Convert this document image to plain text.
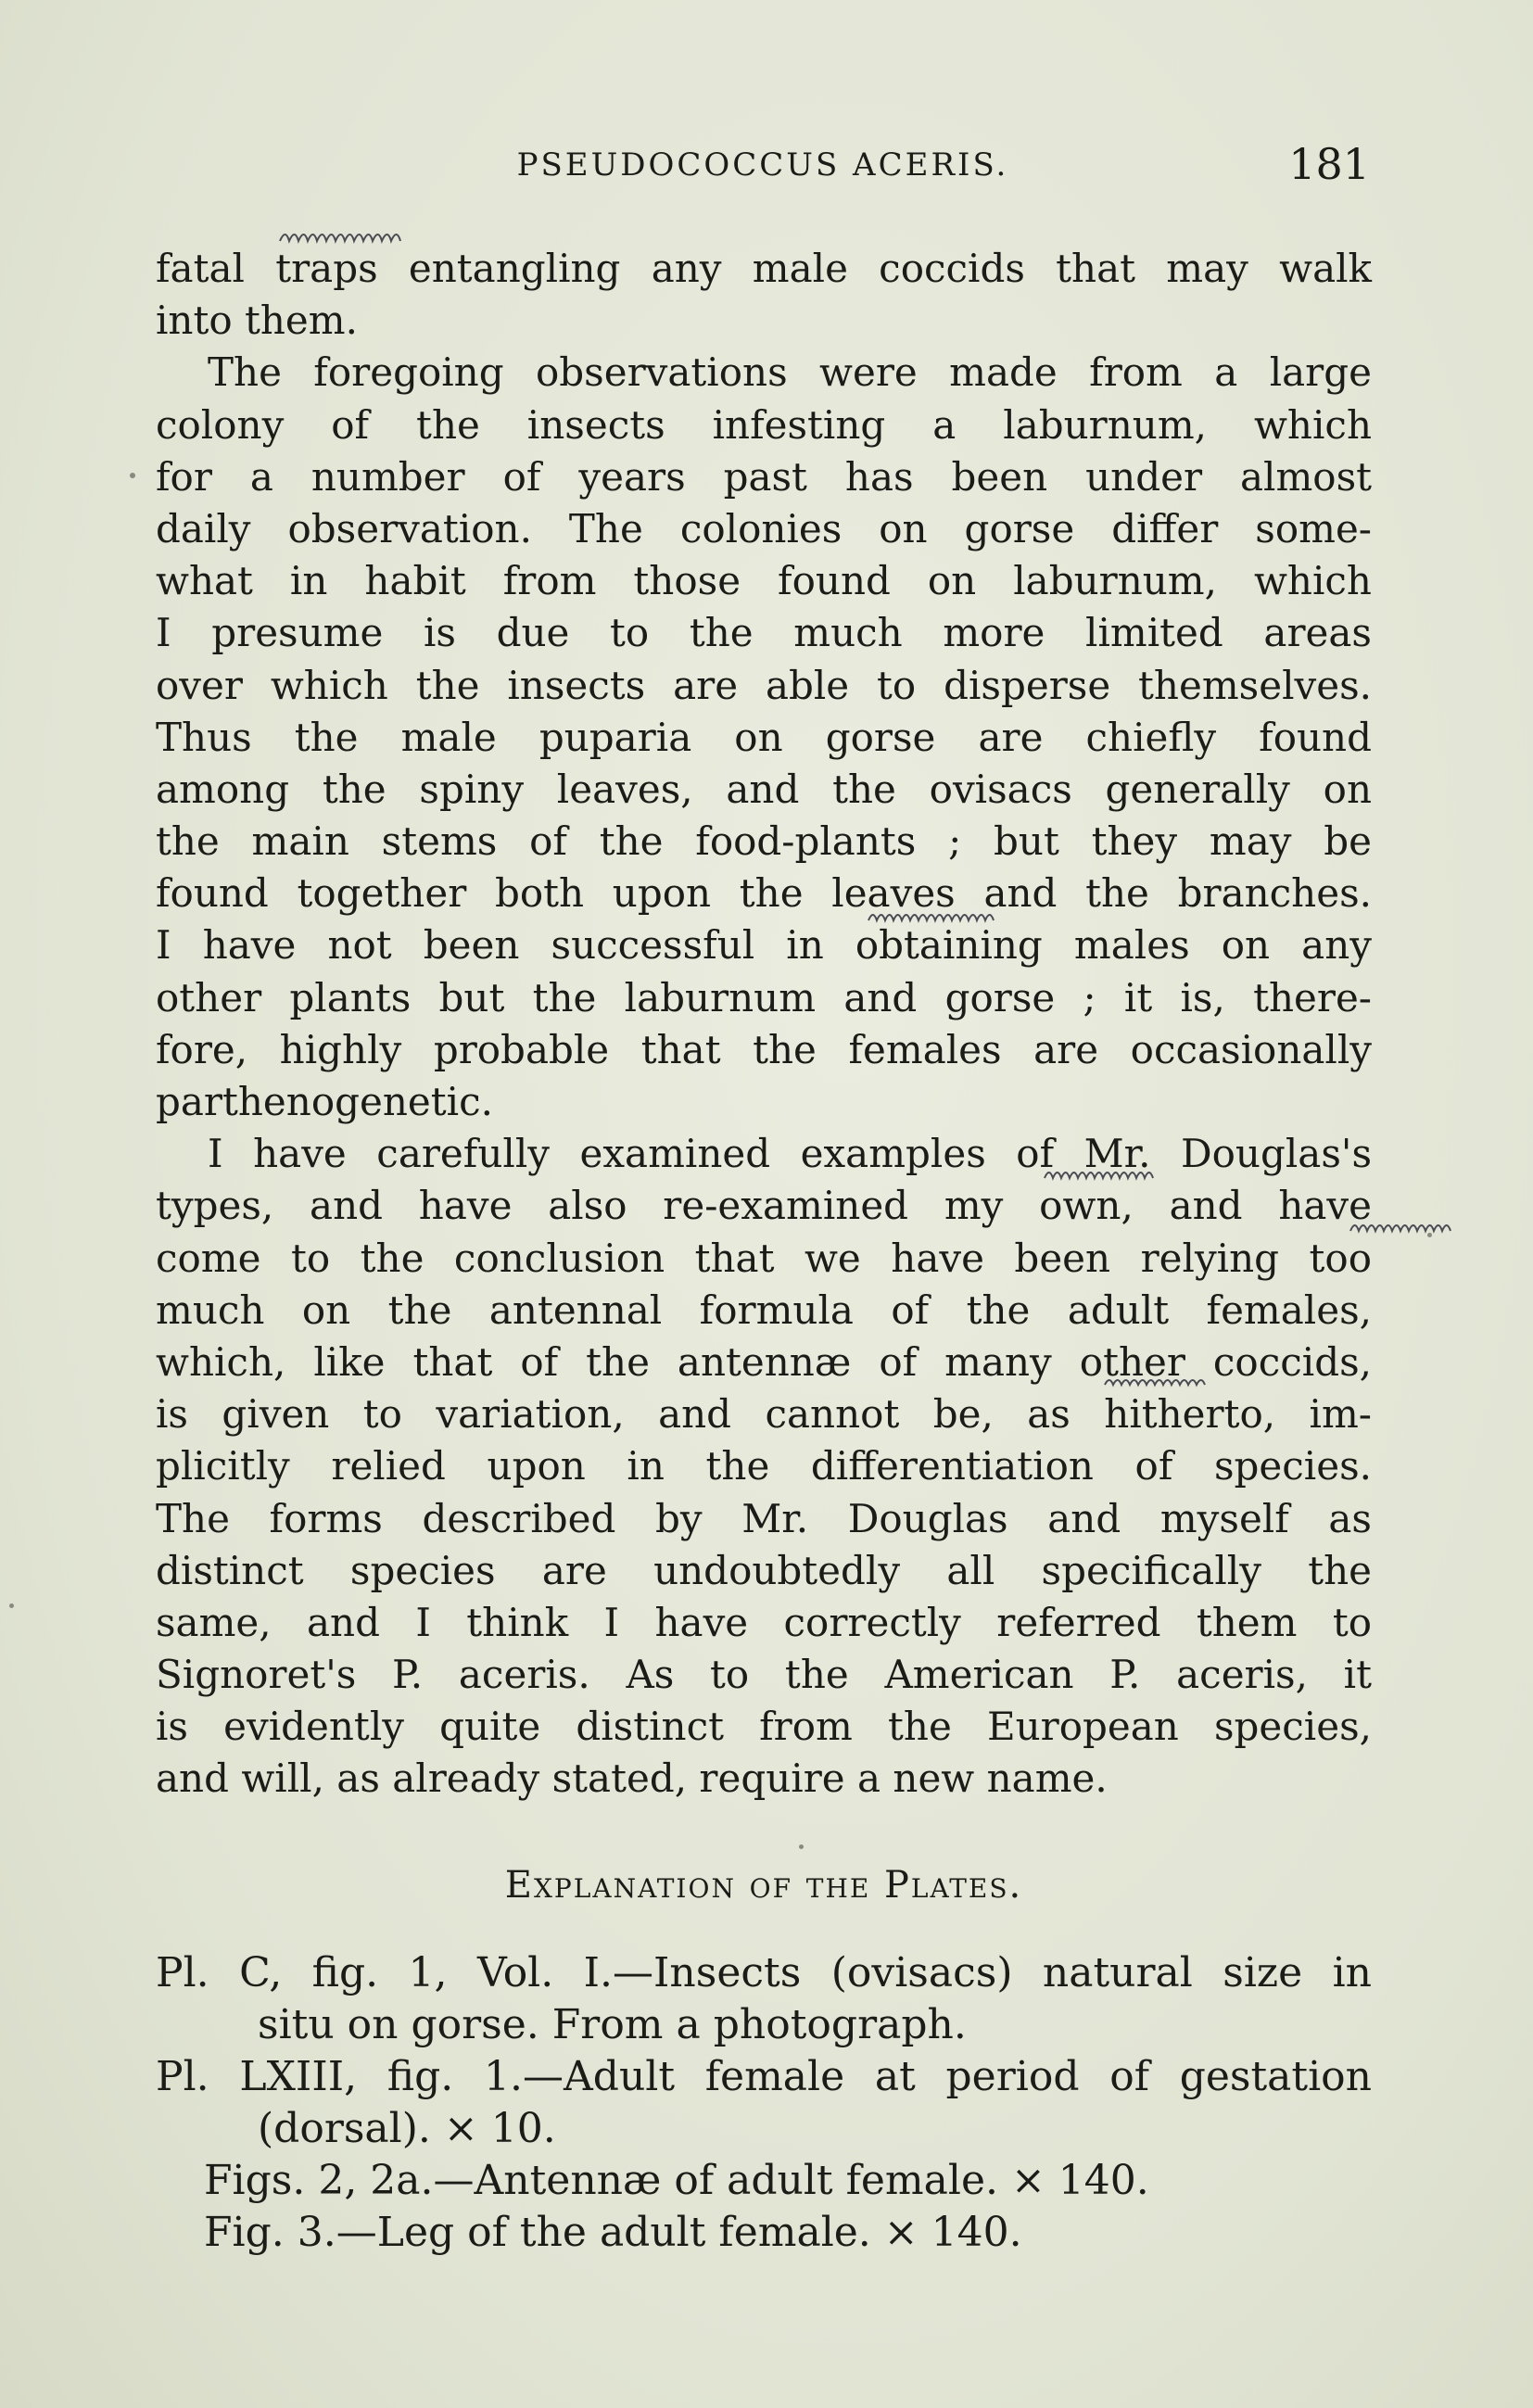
PSEUDOCOCCUS ACERIS.	181
fatal traps entangling any male coccids that may walk
into them.
The foregoing observations were made from a large
colony of the insects infesting a laburnum, which
for a number of years past has been under almost
daily observation. The colonies on gorse differ some-
what in habit from those found on laburnum, which
I presume is due to the much more limited areas
over which the insects are able to disperse themselves.
Thus the male puparia on gorse are chiefly found
among the spiny leaves, and the ovisacs generally on
the main stems of the food-plants ; but they may be
found together both upon the leaves and the branches.
I have not been successful in obtaining males on any
other plants but the laburnum and gorse ; it is, there-
fore, highly probable that the females are occasionally
parthenogenetic.
I have carefully examined examples of Mr. Douglas's
types, and have also re-examined my own, and have
come to the conclusion that we have been relying too
much on the antennal formula of the adult females,
which, like that of the antennæ of many other coccids,
is given to variation, and cannot be, as hitherto, im-
plicitly relied upon in the differentiation of species.
The forms described by Mr. Douglas and myself as
distinct species are undoubtedly all specifically the
same, and I think I have correctly referred them to
Signoret's P. aceris. As to the American P. aceris, it
is evidently quite distinct from the European species,
and will, as already stated, require a new name.
Explanation of the Plates.
Pl. C, fig. 1, Vol. I.—Insects (ovisacs) natural size in
situ on gorse. From a photograph.
Pl. LXIII, fig. 1.—Adult female at period of gestation
(dorsal). × 10.
Figs. 2, 2a.—Antennæ of adult female. × 140.
Fig. 3.—Leg of the adult female. × 140.
